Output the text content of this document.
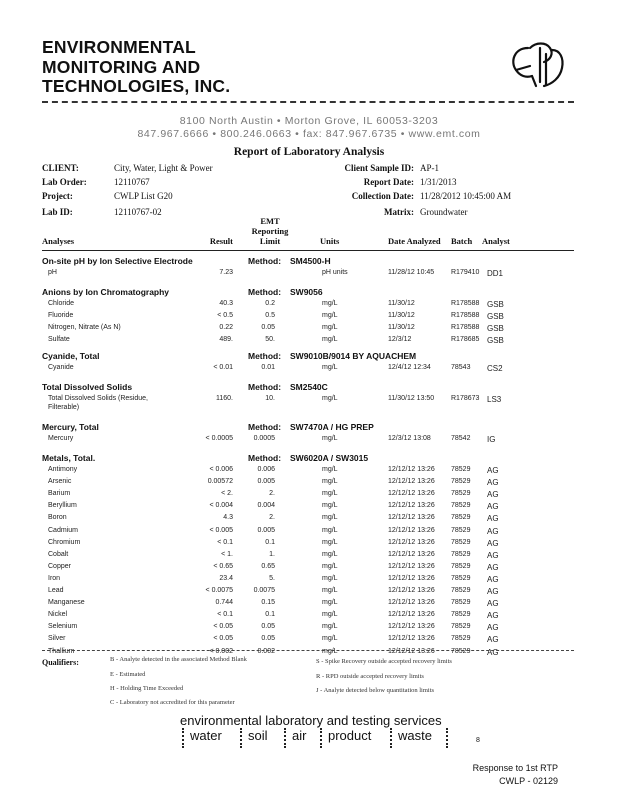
ENVIRONMENTAL
MONITORING AND
TECHNOLOGIES, INC.
8100 North Austin • Morton Grove, IL 60053-3203
847.967.6666 • 800.246.0663 • fax: 847.967.6735 • www.emt.com
Report of Laboratory Analysis
CLIENT:	City, Water, Light & Power
Lab Order:	12110767
Project:	CWLP List G20
Lab ID:	12110767-02
Client Sample ID: AP-1
Report Date: 1/31/2013
Collection Date: 11/28/2012 10:45:00 AM
Matrix: Groundwater
Analyses	Result
EMT
Reporting
Limit	Units	Date Analyzed Batch Analyst
On-site pH by Ion Selective Electrode	Method: SM4500-H
pH	7.23	pH units	11/28/12 10:45 R179410 DD1
Anions by Ion Chromatography	Method: SW9056
Chloride	40.3	0.2	mg/L	11/30/12	R178588 GSB
Fluoride	< 0.5	0.5	mg/L	11/30/12	R178588 GSB
Nitrogen, Nitrate (As N)	0.22	0.05	mg/L	11/30/12	R178588 GSB
Sulfate	489.	50.	mg/L	12/3/12	R178685 GSB
Cyanide, Total	Method: SW9010B/9014 BY AQUACHEM
Cyanide	< 0.01	0.01	mg/L	12/4/12 12:34	78543 CS2
Total Dissolved Solids	Method: SM2540C
Total Dissolved Solids (Residue,
Filterable)
1160.	10.	mg/L	11/30/12 13:50 R178673 LS3
Mercury, Total	Method: SW7470A / HG PREP
Mercury	< 0.0005	0.0005	mg/L	12/3/12 13:08	78542 IG
Metals, Total.	Method: SW6020A / SW3015
Antimony	< 0.006	0.006	mg/L	12/12/12 13:26 78529 AG
Arsenic	0.00572	0.005	mg/L	12/12/12 13:26 78529 AG
Barium	< 2.	2.	mg/L	12/12/12 13:26 78529 AG
Beryllium	< 0.004	0.004	mg/L	12/12/12 13:26 78529 AG
Boron	4.3	2.	mg/L	12/12/12 13:26 78529 AG
Cadmium	< 0.005	0.005	mg/L	12/12/12 13:26 78529 AG
Chromium	< 0.1	0.1	mg/L	12/12/12 13:26 78529 AG
Cobalt	< 1.	1.	mg/L	12/12/12 13:26 78529 AG
Copper	< 0.65	0.65	mg/L	12/12/12 13:26 78529 AG
Iron	23.4	5.	mg/L	12/12/12 13:26 78529 AG
Lead	< 0.0075	0.0075	mg/L	12/12/12 13:26 78529 AG
Manganese	0.744	0.15	mg/L	12/12/12 13:26 78529 AG
Nickel	< 0.1	0.1	mg/L	12/12/12 13:26 78529 AG
Selenium	< 0.05	0.05	mg/L	12/12/12 13:26 78529 AG
Silver	< 0.05	0.05	mg/L	12/12/12 13:26 78529 AG
Thallium	< 0.002	0.002	mg/L	12/12/12 13:26 78529 AG
Qualifiers:	B - Analyte detected in the associated Method Blank
E - Estimated
H - Holding Time Exceeded
C - Laboratory not accredited for this parameter
S - Spike Recovery outside accepted recovery limits
R - RPD outside accepted recovery limits
J - Analyte detected below quantitation limits
environmental laboratory and testing services
water	soil	air	product	waste	8
Response to 1st RTP
CWLP - 02129
